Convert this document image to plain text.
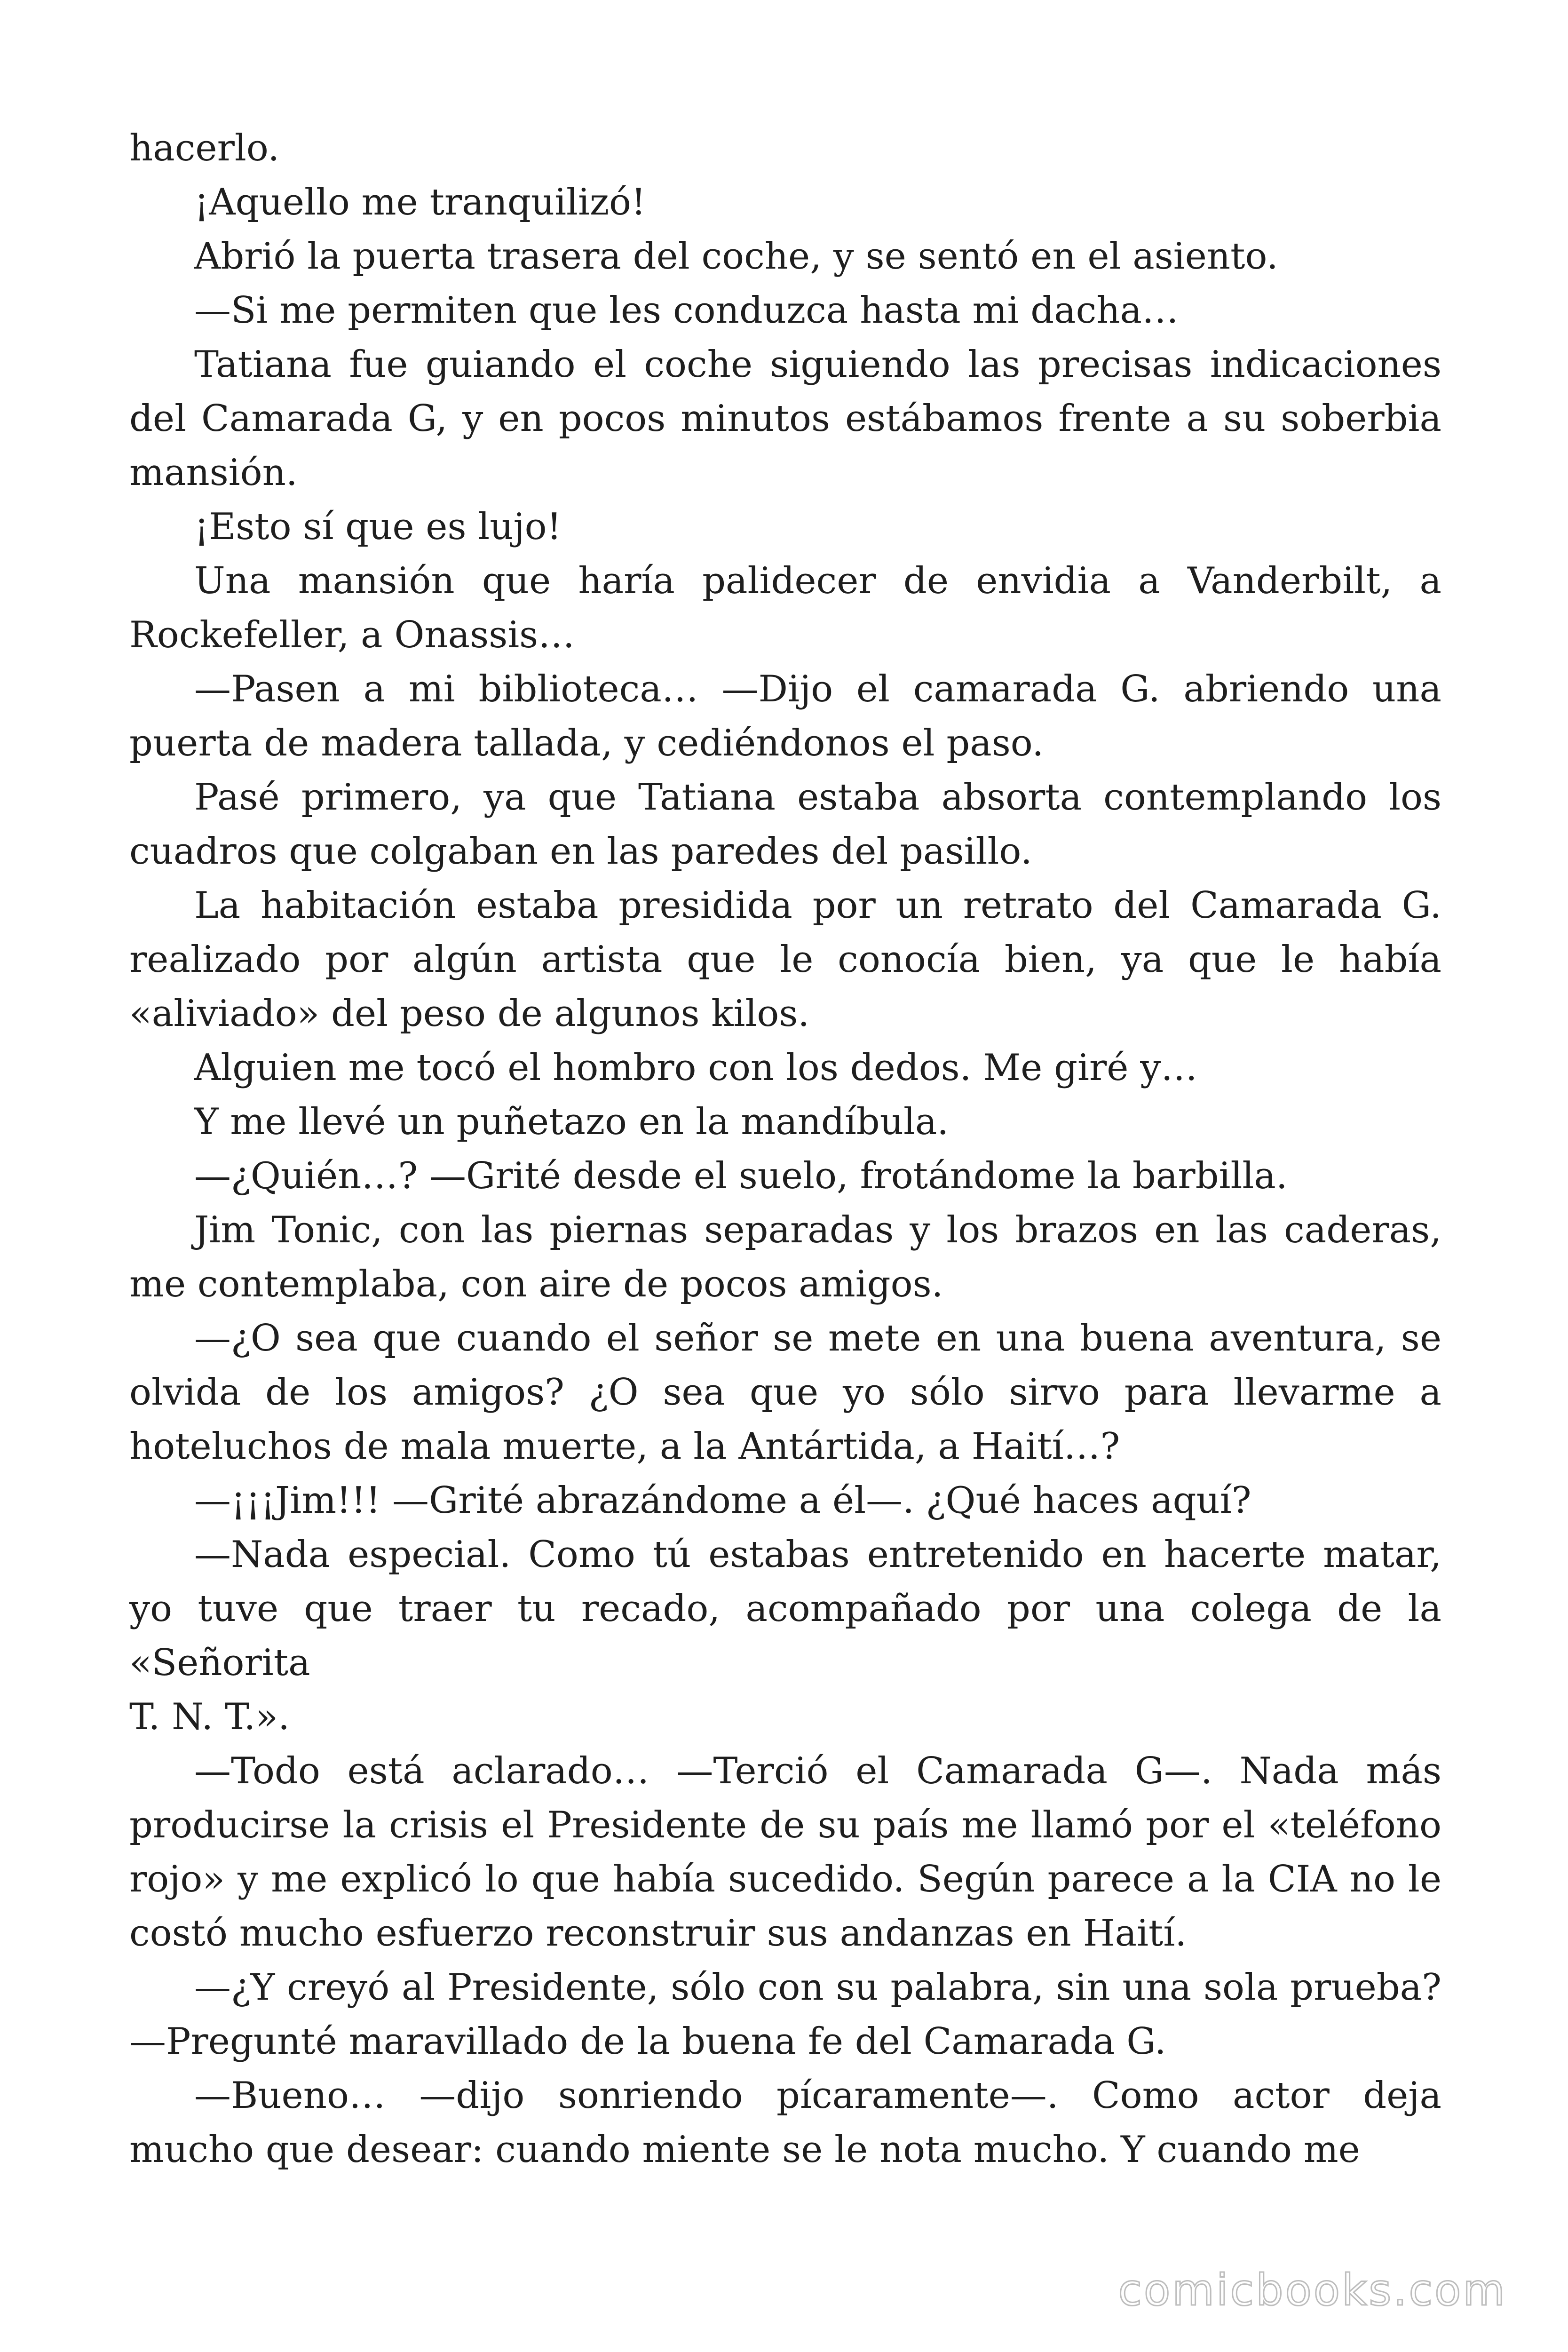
hacerlo.

¡Aquello me tranquilizó!

Abrió la puerta trasera del coche, y se sentó en el asiento.

—Si me permiten que les conduzca hasta mi dacha…

Tatiana fue guiando el coche siguiendo las precisas indicaciones del Camarada G, y en pocos minutos estábamos frente a su soberbia mansión.

¡Esto sí que es lujo!

Una mansión que haría palidecer de envidia a Vanderbilt, a Rockefeller, a Onassis…

—Pasen a mi biblioteca… —Dijo el camarada G. abriendo una puerta de madera tallada, y cediéndonos el paso.

Pasé primero, ya que Tatiana estaba absorta contemplando los cuadros que colgaban en las paredes del pasillo.

La habitación estaba presidida por un retrato del Camarada G. realizado por algún artista que le conocía bien, ya que le había «aliviado» del peso de algunos kilos.

Alguien me tocó el hombro con los dedos. Me giré y…

Y me llevé un puñetazo en la mandíbula.

—¿Quién…? —Grité desde el suelo, frotándome la barbilla.

Jim Tonic, con las piernas separadas y los brazos en las caderas, me contemplaba, con aire de pocos amigos.

—¿O sea que cuando el señor se mete en una buena aventura, se olvida de los amigos? ¿O sea que yo sólo sirvo para llevarme a hoteluchos de mala muerte, a la Antártida, a Haití…?

—¡¡¡Jim!!! —Grité abrazándome a él—. ¿Qué haces aquí?

—Nada especial. Como tú estabas entretenido en hacerte matar, yo tuve que traer tu recado, acompañado por una colega de la «Señorita

T. N. T.».

—Todo está aclarado… —Terció el Camarada G—. Nada más producirse la crisis el Presidente de su país me llamó por el «teléfono rojo» y me explicó lo que había sucedido. Según parece a la CIA no le costó mucho esfuerzo reconstruir sus andanzas en Haití.

—¿Y creyó al Presidente, sólo con su palabra, sin una sola prueba? —Pregunté maravillado de la buena fe del Camarada G.

—Bueno… —dijo sonriendo pícaramente—. Como actor deja mucho que desear: cuando miente se le nota mucho. Y cuando me

comicbooks.com
